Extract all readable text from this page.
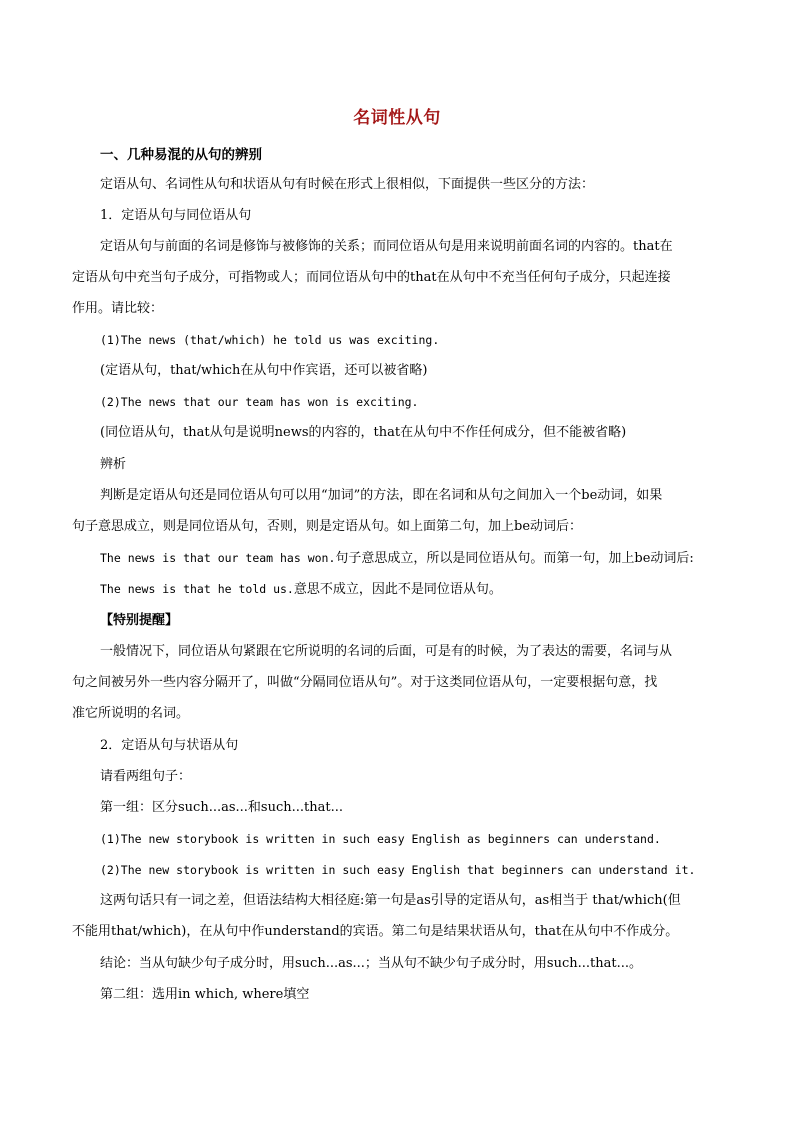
名词性从句
一、几种易混的从句的辨别
定语从句、名词性从句和状语从句有时候在形式上很相似，下面提供一些区分的方法：
1．定语从句与同位语从句
定语从句与前面的名词是修饰与被修饰的关系；而同位语从句是用来说明前面名词的内容的。that在
定语从句中充当句子成分，可指物或人；而同位语从句中的that在从句中不充当任何句子成分，只起连接
作用。请比较：
(1)The news (that/which) he told us was exciting.
(定语从句，that/which在从句中作宾语，还可以被省略)
(2)The news that our team has won is exciting.
(同位语从句，that从句是说明news的内容的，that在从句中不作任何成分，但不能被省略)
辨析
判断是定语从句还是同位语从句可以用“加词”的方法，即在名词和从句之间加入一个be动词，如果
句子意思成立，则是同位语从句，否则，则是定语从句。如上面第二句，加上be动词后：
The news is that our team has won.句子意思成立，所以是同位语从句。而第一句，加上be动词后:
The news is that he told us.意思不成立，因此不是同位语从句。
【特别提醒】
一般情况下，同位语从句紧跟在它所说明的名词的后面，可是有的时候，为了表达的需要，名词与从
句之间被另外一些内容分隔开了，叫做“分隔同位语从句”。对于这类同位语从句，一定要根据句意，找
准它所说明的名词。
2．定语从句与状语从句
请看两组句子：
第一组：区分such...as...和such...that...
(1)The new storybook is written in such easy English as beginners can understand.
(2)The new storybook is written in such easy English that beginners can understand it.
这两句话只有一词之差，但语法结构大相径庭:第一句是as引导的定语从句，as相当于 that/which(但
不能用that/which)，在从句中作understand的宾语。第二句是结果状语从句，that在从句中不作成分。
结论：当从句缺少句子成分时，用such...as...；当从句不缺少句子成分时，用such...that...。
第二组：选用in which, where填空
